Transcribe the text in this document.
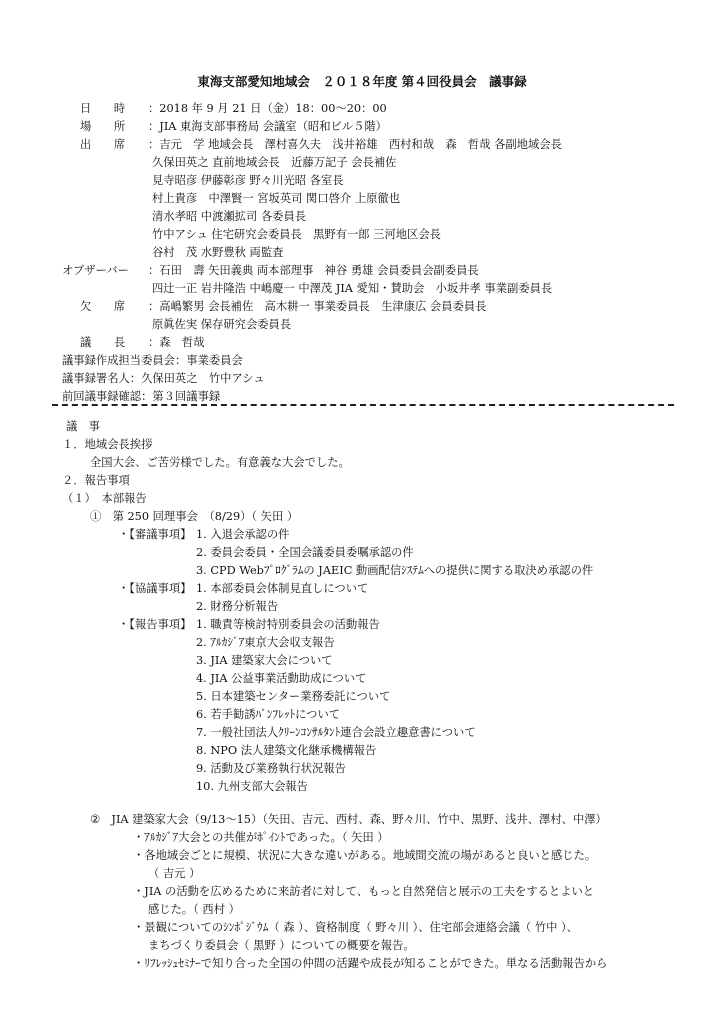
東海支部愛知地域会　２０１８年度 第４回役員会　議事録
日　　時 ：2018 年 9 月 21 日（金）18：00～20：00
場　　所 ：JIA 東海支部事務局 会議室（昭和ビル５階）
出　　席 ：吉元　学 地域会長　澤村喜久夫　浅井裕雄　西村和哉　森　哲哉 各副地域会長
久保田英之 直前地域会長　近藤万記子 会長補佐
見寺昭彦 伊藤彰彦 野々川光昭 各室長
村上貴彦　中澤賢一 宮坂英司 関口啓介 上原徹也
清水孝昭 中渡瀬拡司 各委員長
竹中アシュ 住宅研究会委員長　黒野有一郎 三河地区会長
谷村　茂 水野豊秋 両監査
オブザーバー ：石田　壽 矢田義典 両本部理事　神谷 勇雄 会員委員会副委員長
四辻一正 岩井隆浩 中嶋慶一 中澤茂 JIA 愛知・賛助会　小坂井孝 事業副委員長
欠　　席 ：高嶋繁男 会長補佐　高木耕一 事業委員長　生津康広 会員委員長
原眞佐実 保存研究会委員長
議　　長 ：森　哲哉
議事録作成担当委員会：事業委員会
議事録署名人：久保田英之　竹中アシュ
前回議事録確認：第３回議事録
議　事
１．地域会長挨拶
全国大会、ご苦労様でした。有意義な大会でした。
２．報告事項
（１）　本部報告
①　第 250 回理事会　（8/29）（ 矢田 ）
・【審議事項】 1. 入退会承認の件
2. 委員会委員・全国会議委員委嘱承認の件
3. CPD Webﾌﾟﾛｸﾞﾗﾑの JAEIC 動画配信ｼｽﾃﾑへの提供に関する取決め承認の件
・【協議事項】 1. 本部委員会体制見直しについて
2. 財務分析報告
・【報告事項】 1. 職責等検討特別委員会の活動報告
2. ｱﾙｶｼﾞｱ東京大会収支報告
3. JIA 建築家大会について
4. JIA 公益事業活動助成について
5. 日本建築センター業務委託について
6. 若手勧誘ﾊﾟﾝﾌﾚｯﾄについて
7. 一般社団法人ｸﾘｰﾝｺﾝｻﾙﾀﾝﾄ連合会設立趣意書について
8. NPO 法人建築文化継承機構報告
9. 活動及び業務執行状況報告
10. 九州支部大会報告
②　JIA 建築家大会（9/13～15）（矢田、吉元、西村、森、野々川、竹中、黒野、浅井、澤村、中澤）
・ｱﾙｶｼﾞｱ大会との共催がﾎﾟｲﾝﾄであった。（ 矢田 ）
・各地域会ごとに規模、状況に大きな違いがある。地域間交流の場があると良いと感じた。
（ 吉元 ）
・JIA の活動を広めるために来訪者に対して、もっと自然発信と展示の工夫をするとよいと
感じた。（ 西村 ）
・景観についてのｼﾝﾎﾟｼﾞｳﾑ（ 森 ）、資格制度（ 野々川 ）、住宅部会連絡会議（ 竹中 ）、
まちづくり委員会（ 黒野 ）についての概要を報告。
・ﾘﾌﾚｯｼｭｾﾐﾅｰで知り合った全国の仲間の活躍や成長が知ることができた。単なる活動報告から
